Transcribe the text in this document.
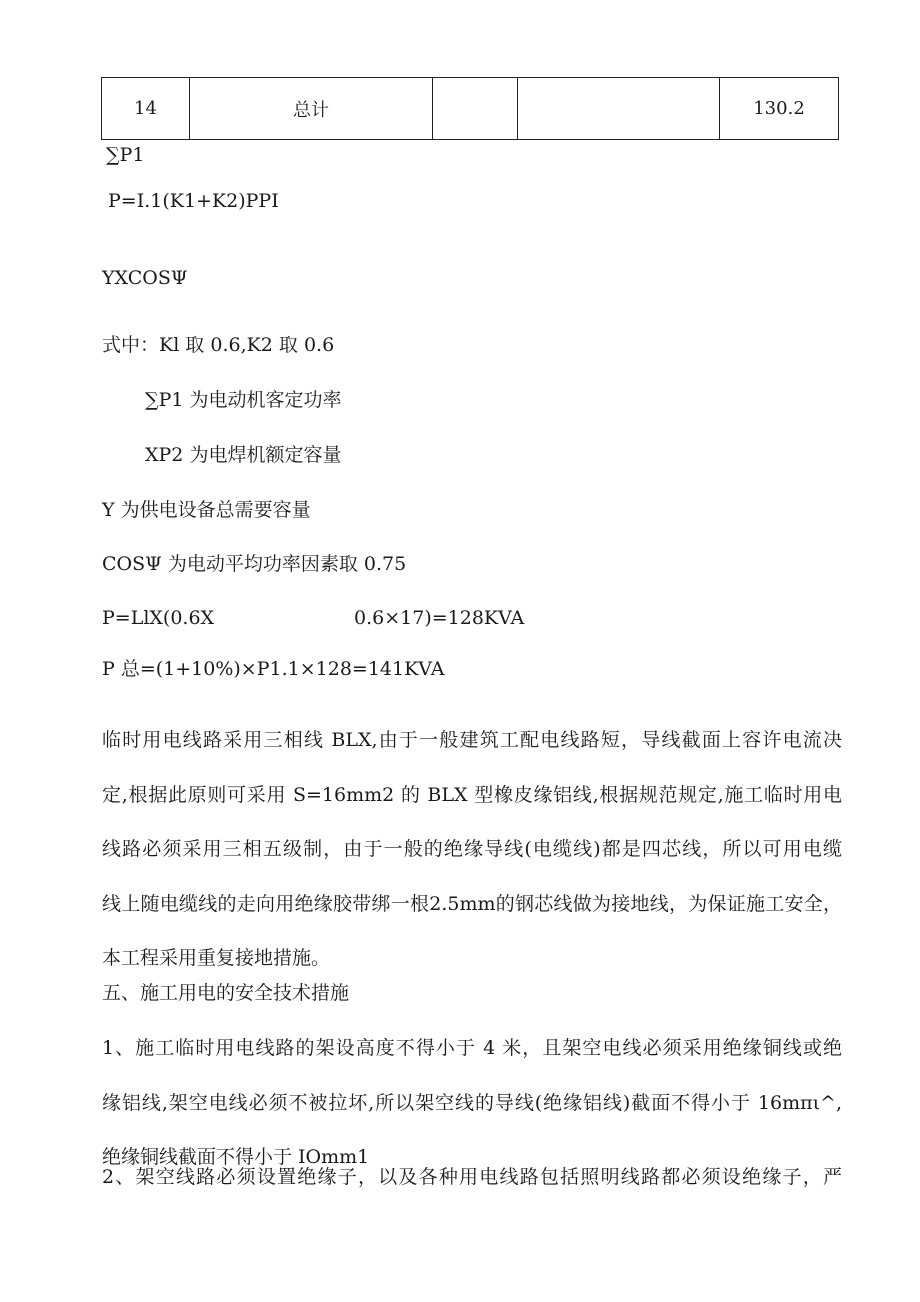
14	总计			130.2
∑P1
P=I.1(K1+K2)PPI
YXCOSΨ
式中：Kl 取 0.6,K2 取 0.6
∑P1 为电动机客定功率
XP2 为电焊机额定容量
Y 为供电设备总需要容量
COSΨ 为电动平均功率因素取 0.75
P=LlX(0.6X	0.6×17)=128KVA
P 总=(1+10%)×P1.1×128=141KVA
临时用电线路采用三相线 BLX,由于一般建筑工配电线路短，导线截面上容许电流决
定,根据此原则可采用 S=16mm2 的 BLX 型橡皮缘铝线,根据规范规定,施工临时用电
线路必须采用三相五级制，由于一般的绝缘导线(电缆线)都是四芯线，所以可用电缆
线上随电缆线的走向用绝缘胶带绑一根2.5mm的钢芯线做为接地线，为保证施工安全，
本工程采用重复接地措施。
五、施工用电的安全技术措施
1、施工临时用电线路的架设高度不得小于 4 米，且架空电线必须采用绝缘铜线或绝
缘铝线,架空电线必须不被拉坏,所以架空线的导线(绝缘铝线)截面不得小于 16mπι^,
绝缘铜线截面不得小于 IOmm1
2、架空线路必须设置绝缘子，以及各种用电线路包括照明线路都必须设绝缘子，严
